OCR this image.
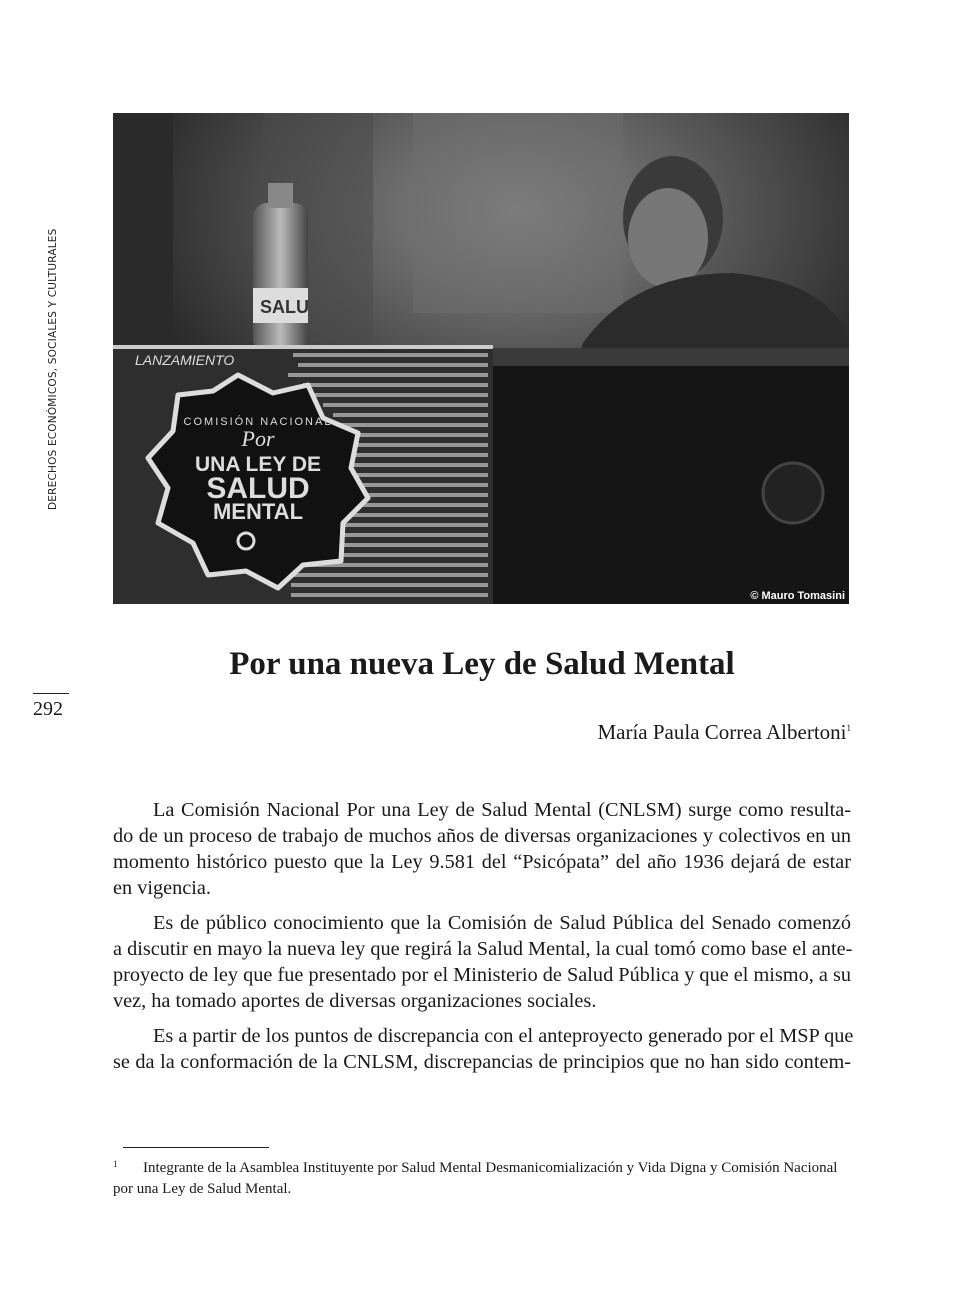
DERECHOS ECONÓMICOS, SOCIALES Y CULTURALES
292
SALU
LANZAMIENTO
COMISIÓN NACIONAL
Por
UNA LEY DE
SALUD
MENTAL
© Mauro Tomasini
Por una nueva Ley de Salud Mental
María Paula Correa Albertoni$^1$
La Comisión Nacional Por una Ley de Salud Mental (CNLSM) surge como resulta-
do de un proceso de trabajo de muchos años de diversas organizaciones y colectivos en un
momento histórico puesto que la Ley 9.581 del “Psicópata” del año 1936 dejará de estar
en vigencia.
Es de público conocimiento que la Comisión de Salud Pública del Senado comenzó
a discutir en mayo la nueva ley que regirá la Salud Mental, la cual tomó como base el ante-
proyecto de ley que fue presentado por el Ministerio de Salud Pública y que el mismo, a su
vez, ha tomado aportes de diversas organizaciones sociales.
Es a partir de los puntos de discrepancia con el anteproyecto generado por el MSP que
se da la conformación de la CNLSM, discrepancias de principios que no han sido contem-
1 Integrante de la Asamblea Instituyente por Salud Mental Desmanicomialización y Vida Digna y Comisión Nacional por una Ley de Salud Mental.
